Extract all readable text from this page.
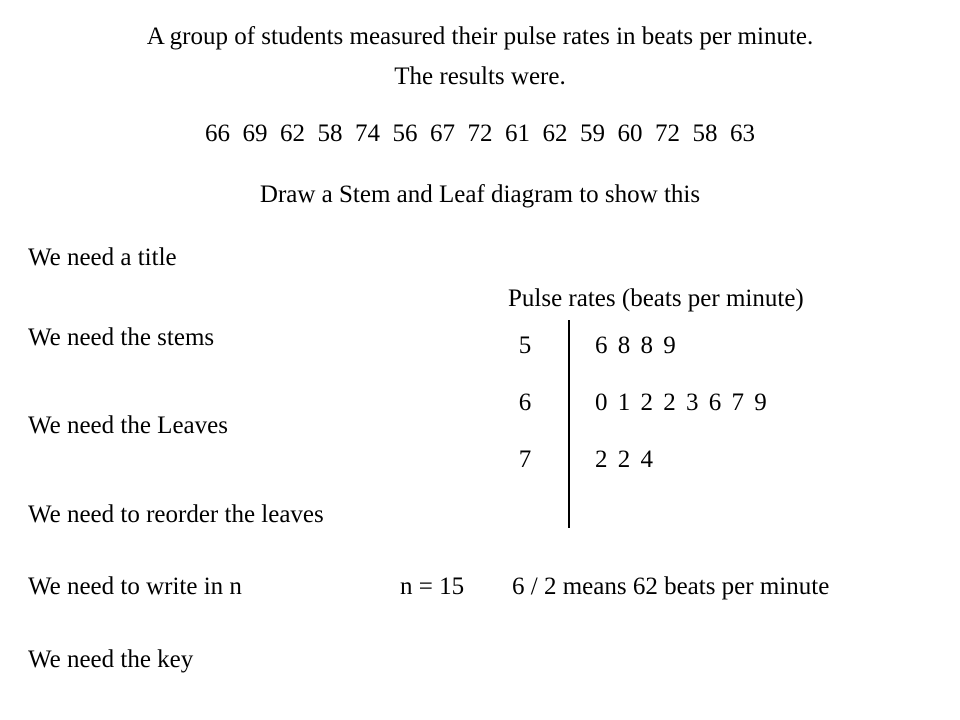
A group of students measured their pulse rates in beats per minute.
The results were.
66  69  62  58  74  56  67  72  61  62  59  60  72  58  63
Draw a Stem and Leaf diagram to show this
We need a title
We need the stems
We need the Leaves
We need to reorder the leaves
We need to write in n
We need the key
Pulse rates (beats per minute)
5	6 8 8 9
6	0 1 2 2 3 6 7 9
7	2 2 4
n = 15 6 / 2 means 62 beats per minute
